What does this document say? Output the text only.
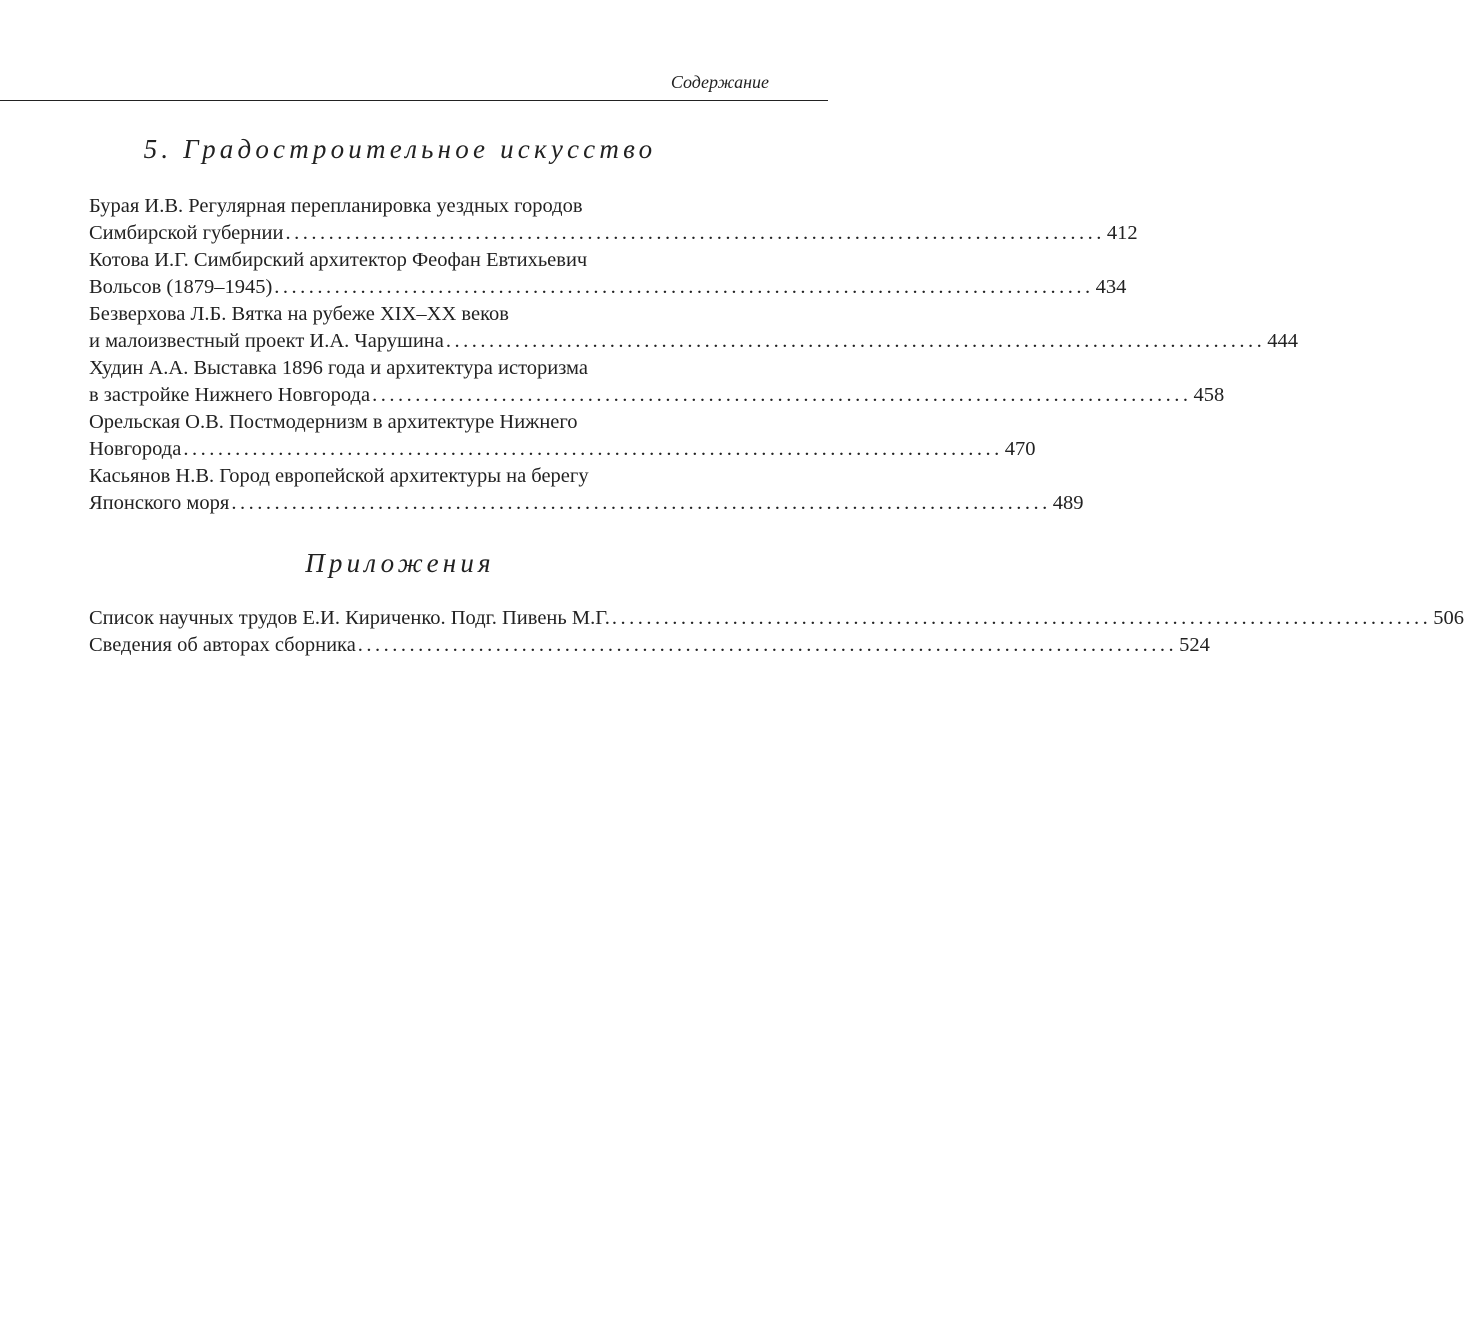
Содержание
5. Градостроительное искусство
Бурая И.В. Регулярная перепланировка уездных городов
Симбирской губернии ............................................................................................... 412
Котова И.Г. Симбирский архитектор Феофан Евтихьевич
Вольсов (1879–1945) ............................................................................................... 434
Безверхова Л.Б. Вятка на рубеже XIX–XX веков
и малоизвестный проект И.А. Чарушина ............................................................................................... 444
Худин А.А. Выставка 1896 года и архитектура историзма
в застройке Нижнего Новгорода ............................................................................................... 458
Орельская О.В. Постмодернизм в архитектуре Нижнего
Новгорода ............................................................................................... 470
Касьянов Н.В. Город европейской архитектуры на берегу
Японского моря ............................................................................................... 489
Приложения
Список научных трудов Е.И. Кириченко. Подг. Пивень М.Г. ............................................................................................... 506
Сведения об авторах сборника ............................................................................................... 524
